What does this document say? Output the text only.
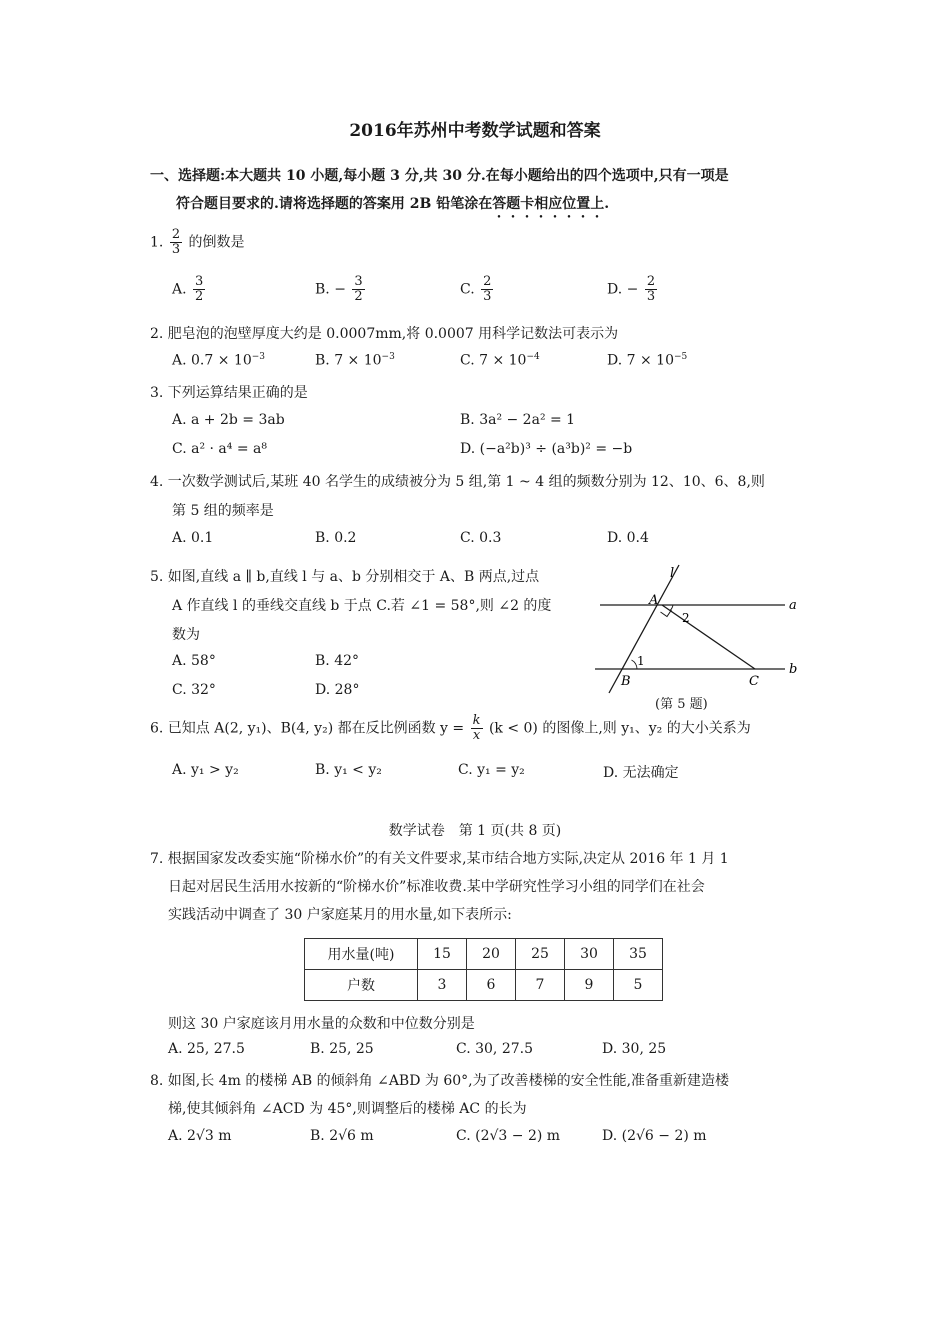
2016年苏州中考数学试题和答案
一、选择题:本大题共 10 小题,每小题 3 分,共 30 分.在每小题给出的四个选项中,只有一项是
符合题目要求的.请将选择题的答案用 2B 铅笔涂在答题卡相应位置上.
1. $\frac{2}{3}$ 的倒数是
A. $\frac{3}{2}$	B. − $\frac{3}{2}$	C. $\frac{2}{3}$	D. − $\frac{2}{3}$
2. 肥皂泡的泡壁厚度大约是 0.0007mm,将 0.0007 用科学记数法可表示为
A. $0.7 \times 10^{-3}$	B. $7 \times 10^{-3}$	C. $7 \times 10^{-4}$	D. $7 \times 10^{-5}$
3. 下列运算结果正确的是
A. a + 2b = 3ab	B. 3a² − 2a² = 1
C. a² · a⁴ = a⁸	D. (−a²b)³ ÷ (a³b)² = −b
4. 一次数学测试后,某班 40 名学生的成绩被分为 5 组,第 1 ~ 4 组的频数分别为 12、10、6、8,则
第 5 组的频率是
A. 0.1	B. 0.2	C. 0.3	D. 0.4
5. 如图,直线 a ∥ b,直线 l 与 a、b 分别相交于 A、B 两点,过点
A 作直线 l 的垂线交直线 b 于点 C.若 ∠1 = 58°,则 ∠2 的度
数为
A. 58°	B. 42°
C. 32°	D. 28°
l
a
b
A
B	C
2
1
(第 5 题)
6. 已知点 A(2, y₁)、B(4, y₂) 都在反比例函数 $y = \frac{k}{x} (k < 0)$ 的图像上,则 y₁、y₂ 的大小关系为
A. y₁ > y₂	B. y₁ < y₂	C. y₁ = y₂	D. 无法确定
数学试卷　第 1 页(共 8 页)
7. 根据国家发改委实施“阶梯水价”的有关文件要求,某市结合地方实际,决定从 2016 年 1 月 1
日起对居民生活用水按新的“阶梯水价”标准收费.某中学研究性学习小组的同学们在社会
实践活动中调查了 30 户家庭某月的用水量,如下表所示:
用水量(吨)	15	20	25	30	35
户数	3	6	7	9	5
则这 30 户家庭该月用水量的众数和中位数分别是
A. 25, 27.5	B. 25, 25	C. 30, 27.5	D. 30, 25
8. 如图,长 4m 的楼梯 AB 的倾斜角 ∠ABD 为 60°,为了改善楼梯的安全性能,准备重新建造楼
梯,使其倾斜角 ∠ACD 为 45°,则调整后的楼梯 AC 的长为
A. 2√3 m	B. 2√6 m	C. (2√3 − 2) m	D. (2√6 − 2) m
